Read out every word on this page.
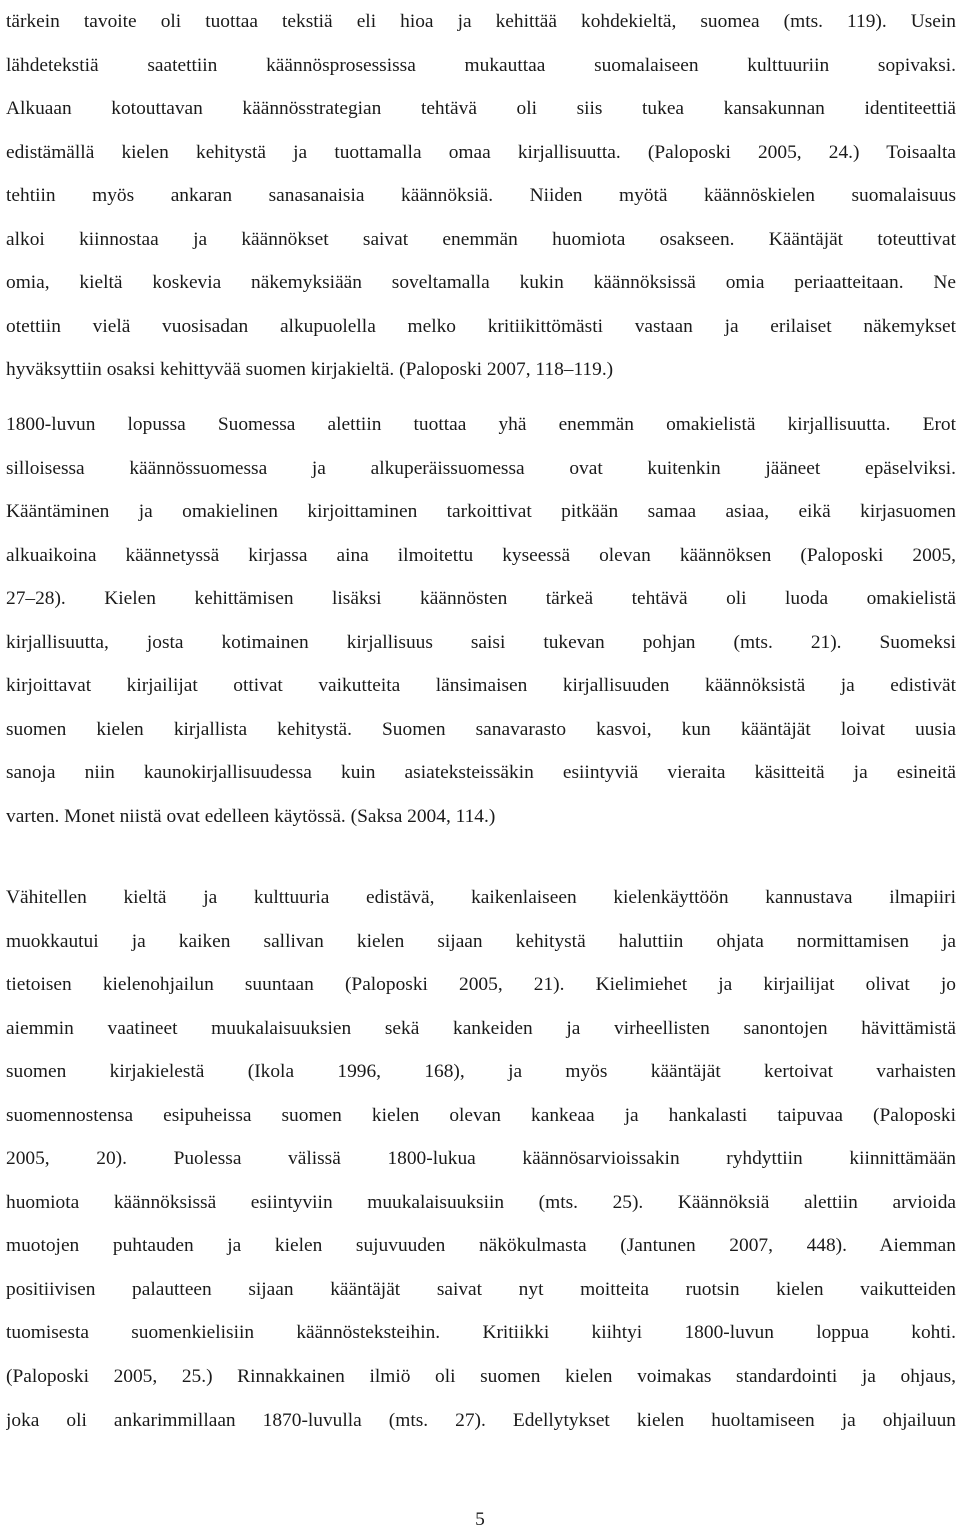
tärkein tavoite oli tuottaa tekstiä eli hioa ja kehittää kohdekieltä, suomea (mts. 119). Usein
lähdetekstiä saatettiin käännösprosessissa mukauttaa suomalaiseen kulttuuriin sopivaksi.
Alkuaan kotouttavan käännösstrategian tehtävä oli siis tukea kansakunnan identiteettiä
edistämällä kielen kehitystä ja tuottamalla omaa kirjallisuutta. (Paloposki 2005, 24.) Toisaalta
tehtiin myös ankaran sanasanaisia käännöksiä. Niiden myötä käännöskielen suomalaisuus
alkoi kiinnostaa ja käännökset saivat enemmän huomiota osakseen. Kääntäjät toteuttivat
omia, kieltä koskevia näkemyksiään soveltamalla kukin käännöksissä omia periaatteitaan. Ne
otettiin vielä vuosisadan alkupuolella melko kritiikittömästi vastaan ja erilaiset näkemykset
hyväksyttiin osaksi kehittyvää suomen kirjakieltä. (Paloposki 2007, 118–119.)
1800-luvun lopussa Suomessa alettiin tuottaa yhä enemmän omakielistä kirjallisuutta. Erot
silloisessa käännössuomessa ja alkuperäissuomessa ovat kuitenkin jääneet epäselviksi.
Kääntäminen ja omakielinen kirjoittaminen tarkoittivat pitkään samaa asiaa, eikä kirjasuomen
alkuaikoina käännetyssä kirjassa aina ilmoitettu kyseessä olevan käännöksen (Paloposki 2005,
27–28). Kielen kehittämisen lisäksi käännösten tärkeä tehtävä oli luoda omakielistä
kirjallisuutta, josta kotimainen kirjallisuus saisi tukevan pohjan (mts. 21). Suomeksi
kirjoittavat kirjailijat ottivat vaikutteita länsimaisen kirjallisuuden käännöksistä ja edistivät
suomen kielen kirjallista kehitystä. Suomen sanavarasto kasvoi, kun kääntäjät loivat uusia
sanoja niin kaunokirjallisuudessa kuin asiateksteissäkin esiintyviä vieraita käsitteitä ja esineitä
varten. Monet niistä ovat edelleen käytössä. (Saksa 2004, 114.)
Vähitellen kieltä ja kulttuuria edistävä, kaikenlaiseen kielenkäyttöön kannustava ilmapiiri
muokkautui ja kaiken sallivan kielen sijaan kehitystä haluttiin ohjata normittamisen ja
tietoisen kielenohjailun suuntaan (Paloposki 2005, 21). Kielimiehet ja kirjailijat olivat jo
aiemmin vaatineet muukalaisuuksien sekä kankeiden ja virheellisten sanontojen hävittämistä
suomen kirjakielestä (Ikola 1996, 168), ja myös kääntäjät kertoivat varhaisten
suomennostensa esipuheissa suomen kielen olevan kankeaa ja hankalasti taipuvaa (Paloposki
2005, 20). Puolessa välissä 1800-lukua käännösarvioissakin ryhdyttiin kiinnittämään
huomiota käännöksissä esiintyviin muukalaisuuksiin (mts. 25). Käännöksiä alettiin arvioida
muotojen puhtauden ja kielen sujuvuuden näkökulmasta (Jantunen 2007, 448). Aiemman
positiivisen palautteen sijaan kääntäjät saivat nyt moitteita ruotsin kielen vaikutteiden
tuomisesta suomenkielisiin käännösteksteihin. Kritiikki kiihtyi 1800-luvun loppua kohti.
(Paloposki 2005, 25.) Rinnakkainen ilmiö oli suomen kielen voimakas standardointi ja ohjaus,
joka oli ankarimmillaan 1870-luvulla (mts. 27). Edellytykset kielen huoltamiseen ja ohjailuun
5
